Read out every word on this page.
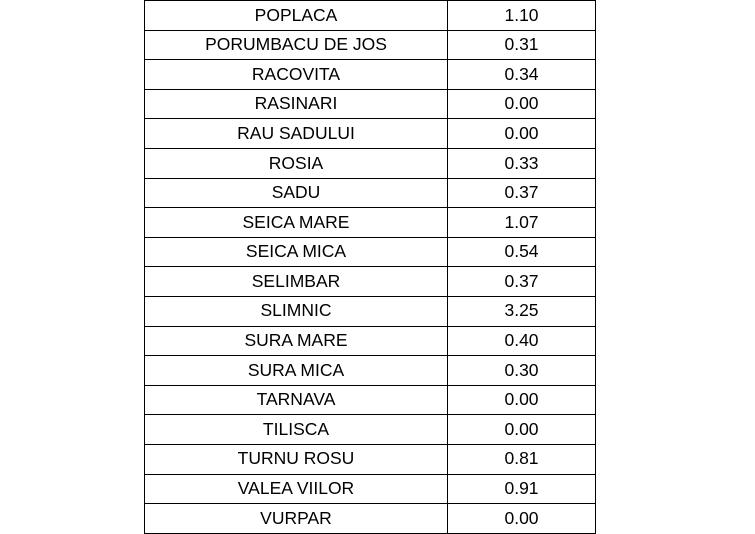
POPLACA	1.10
PORUMBACU DE JOS	0.31
RACOVITA	0.34
RASINARI	0.00
RAU SADULUI	0.00
ROSIA	0.33
SADU	0.37
SEICA MARE	1.07
SEICA MICA	0.54
SELIMBAR	0.37
SLIMNIC	3.25
SURA MARE	0.40
SURA MICA	0.30
TARNAVA	0.00
TILISCA	0.00
TURNU ROSU	0.81
VALEA VIILOR	0.91
VURPAR	0.00
